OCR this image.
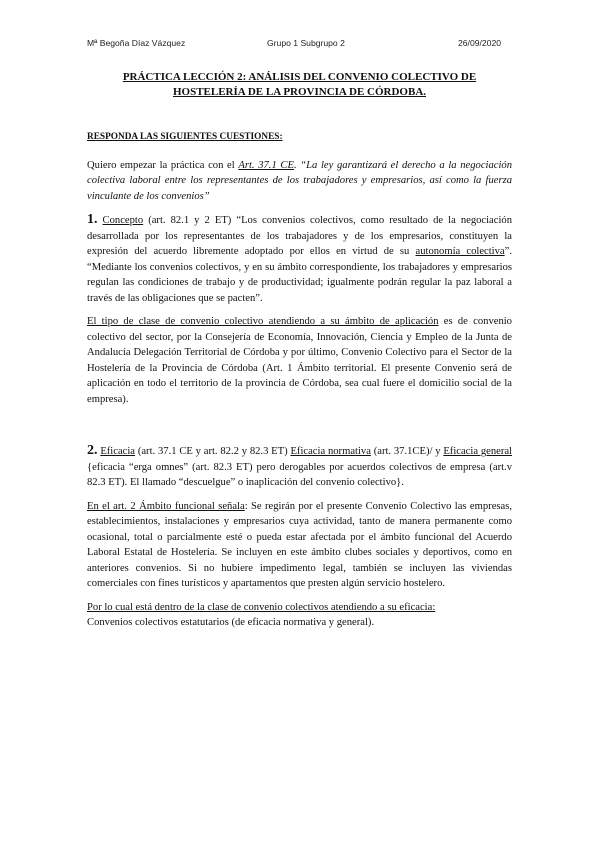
Mª Begoña Díaz Vázquez	Grupo 1 Subgrupo 2	26/09/2020
PRÁCTICA LECCIÓN 2: ANÁLISIS DEL CONVENIO COLECTIVO DE
HOSTELERÍA DE LA PROVINCIA DE CÓRDOBA.

RESPONDA LAS SIGUIENTES CUESTIONES:

Quiero empezar la práctica con el Art. 37.1 CE. “La ley garantizará el derecho a la negociación colectiva laboral entre los representantes de los trabajadores y empresarios, así como la fuerza vinculante de los convenios”

1. Concepto (art. 82.1 y 2 ET) “Los convenios colectivos, como resultado de la negociación desarrollada por los representantes de los trabajadores y de los empresarios, constituyen la expresión del acuerdo libremente adoptado por ellos en virtud de su autonomía colectiva”. “Mediante los convenios colectivos, y en su ámbito correspondiente, los trabajadores y empresarios regulan las condiciones de trabajo y de productividad; igualmente podrán regular la paz laboral a través de las obligaciones que se pacten”.

El tipo de clase de convenio colectivo atendiendo a su ámbito de aplicación es de convenio colectivo del sector, por la Consejería de Economía, Innovación, Ciencia y Empleo de la Junta de Andalucía Delegación Territorial de Córdoba y por último, Convenio Colectivo para el Sector de la Hostelería de la Provincia de Córdoba (Art. 1 Ámbito territorial. El presente Convenio será de aplicación en todo el territorio de la provincia de Córdoba, sea cual fuere el domicilio social de la empresa).

2. Eficacia (art. 37.1 CE y art. 82.2 y 82.3 ET) Eficacia normativa (art. 37.1CE)/ y Eficacia general {eficacia “erga omnes” (art. 82.3 ET) pero derogables por acuerdos colectivos de empresa (art.v 82.3 ET). El llamado “descuelgue” o inaplicación del convenio colectivo}.

En el art. 2 Ámbito funcional señala: Se regirán por el presente Convenio Colectivo las empresas, establecimientos, instalaciones y empresarios cuya actividad, tanto de manera permanente como ocasional, total o parcialmente esté o pueda estar afectada por el ámbito funcional del Acuerdo Laboral Estatal de Hostelería. Se incluyen en este ámbito clubes sociales y deportivos, como en anteriores convenios. Si no hubiere impedimento legal, también se incluyen las viviendas comerciales con fines turísticos y apartamentos que presten algún servicio hostelero.

Por lo cual está dentro de la clase de convenio colectivos atendiendo a su eficacia:
Convenios colectivos estatutarios (de eficacia normativa y general).
